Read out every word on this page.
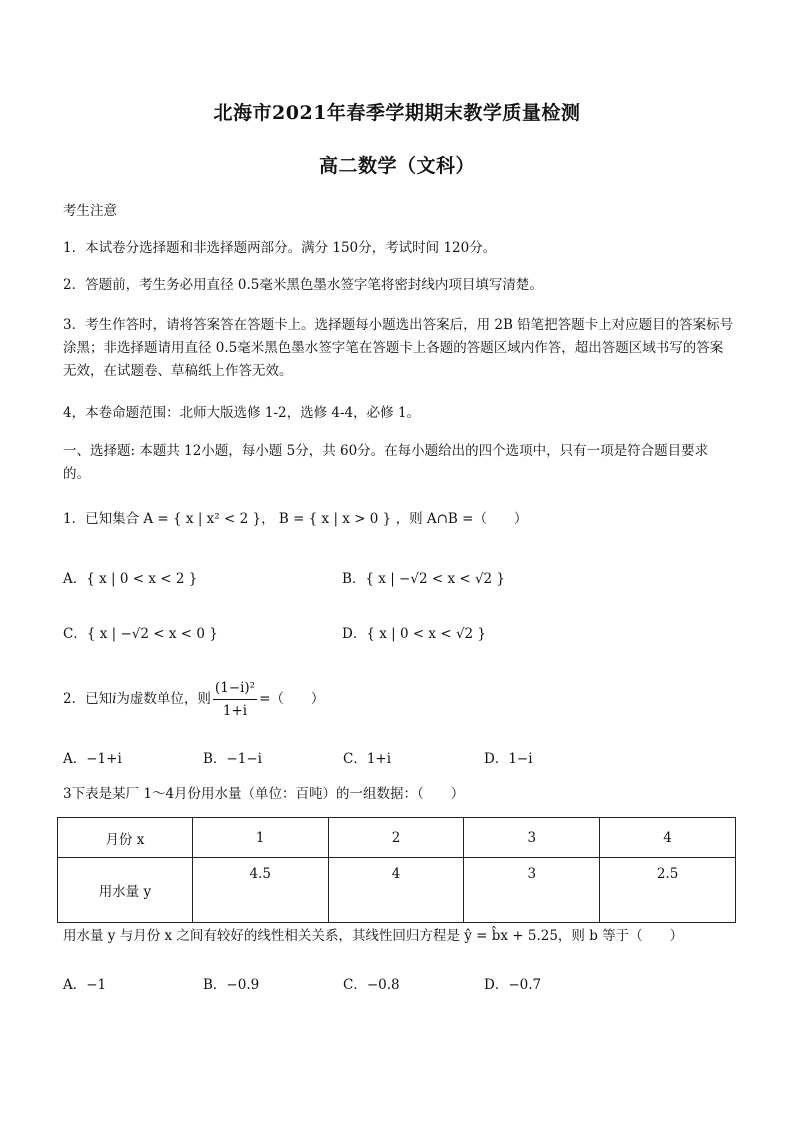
北海市2021年春季学期期末教学质量检测
高二数学（文科）
考生注意
1．本试卷分选择题和非选择题两部分。满分 150分，考试时间 120分。
2．答题前，考生务必用直径 0.5毫米黑色墨水签字笔将密封线内项目填写清楚。
3．考生作答时，请将答案答在答题卡上。选择题每小题选出答案后，用 2B 铅笔把答题卡上对应题目的答案标号涂黑；非选择题请用直径 0.5毫米黑色墨水签字笔在答题卡上各题的答题区域内作答，超出答题区域书写的答案无效，在试题卷、草稿纸上作答无效。
4，本卷命题范围：北师大版选修 1-2，选修 4-4，必修 1。
一、选择题: 本题共 12小题，每小题 5分，共 60分。在每小题给出的四个选项中，只有一项是符合题目要求的。
1．已知集合 A = { x | x² < 2 }， B = { x | x > 0 } ，则 A∩B =（　　）
A．{ x | 0 < x < 2 }	B．{ x | −√2 < x < √2 }
C．{ x | −√2 < x < 0 }	D．{ x | 0 < x < √2 }
2．已知i为虚数单位，则 $\frac{\text{(1−i)²}}{1+i}$ =（　　）
A．−1+i	B．−1−i	C．1+i	D．1−i
3下表是某厂 1～4月份用水量（单位：百吨）的一组数据：（　　）
月份 x	1	2	3	4
用水量 y	4.5	4	3	2.5
用水量 y 与月份 x 之间有较好的线性相关关系，其线性回归方程是 ŷ = b̂x + 5.25，则 b 等于（　　）
A．−1	B．−0.9	C．−0.8	D．−0.7
